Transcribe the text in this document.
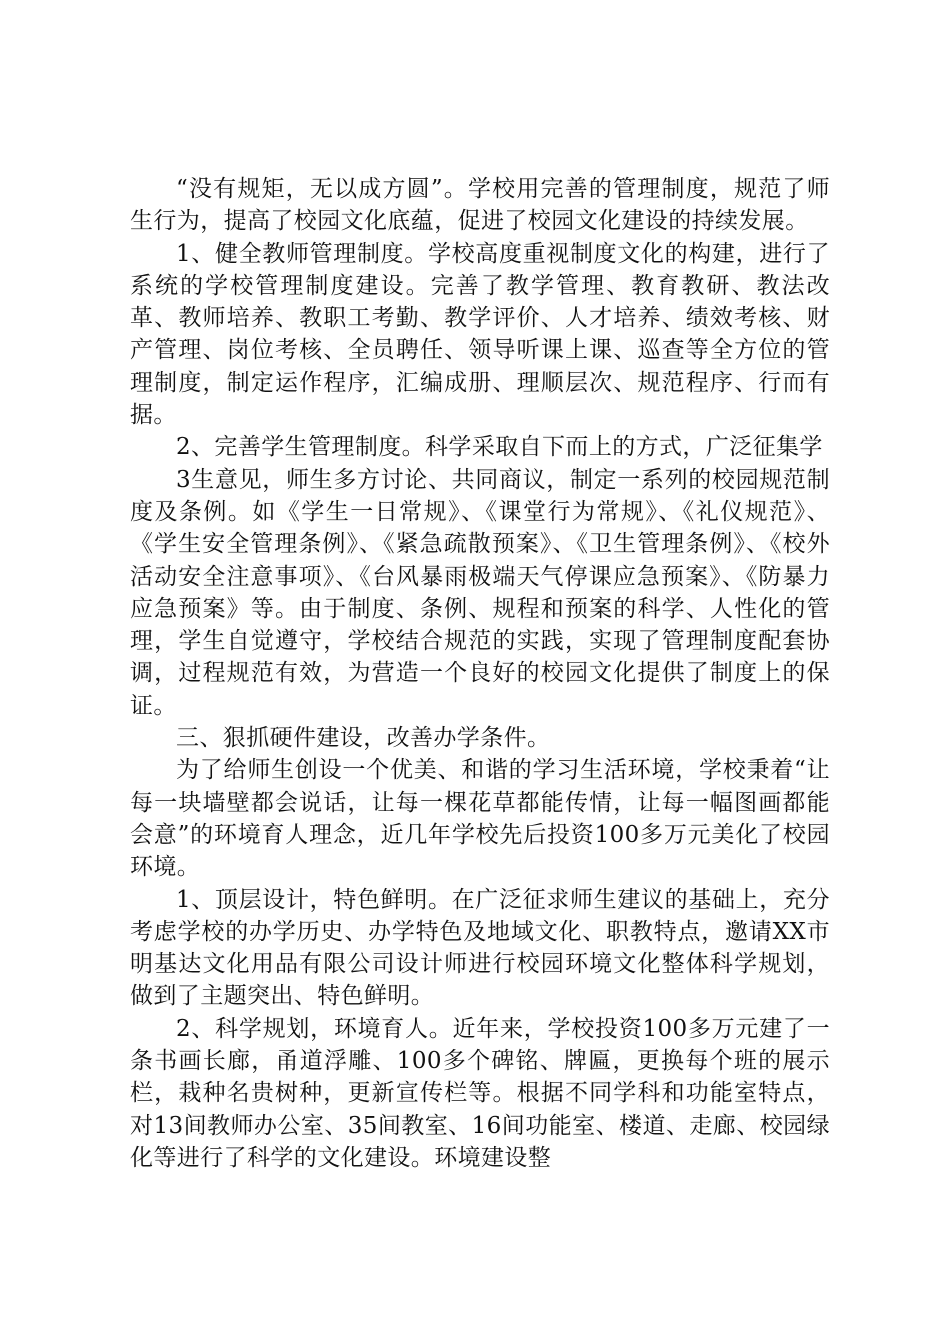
“没有规矩，无以成方圆”。学校用完善的管理制度，规范了师生行为，提高了校园文化底蕴，促进了校园文化建设的持续发展。

1、健全教师管理制度。学校高度重视制度文化的构建，进行了系统的学校管理制度建设。完善了教学管理、教育教研、教法改革、教师培养、教职工考勤、教学评价、人才培养、绩效考核、财产管理、岗位考核、全员聘任、领导听课上课、巡查等全方位的管理制度，制定运作程序，汇编成册、理顺层次、规范程序、行而有据。

2、完善学生管理制度。科学采取自下而上的方式，广泛征集学

3生意见，师生多方讨论、共同商议，制定一系列的校园规范制度及条例。如《学生一日常规》、《课堂行为常规》、《礼仪规范》、《学生安全管理条例》、《紧急疏散预案》、《卫生管理条例》、《校外活动安全注意事项》、《台风暴雨极端天气停课应急预案》、《防暴力应急预案》等。由于制度、条例、规程和预案的科学、人性化的管理，学生自觉遵守，学校结合规范的实践，实现了管理制度配套协调，过程规范有效，为营造一个良好的校园文化提供了制度上的保证。

三、狠抓硬件建设，改善办学条件。

为了给师生创设一个优美、和谐的学习生活环境，学校秉着“让每一块墙壁都会说话，让每一棵花草都能传情，让每一幅图画都能会意”的环境育人理念，近几年学校先后投资100多万元美化了校园环境。

1、顶层设计，特色鲜明。在广泛征求师生建议的基础上，充分考虑学校的办学历史、办学特色及地域文化、职教特点，邀请XX市明基达文化用品有限公司设计师进行校园环境文化整体科学规划，做到了主题突出、特色鲜明。

2、科学规划，环境育人。近年来，学校投资100多万元建了一条书画长廊，甬道浮雕、100多个碑铭、牌匾，更换每个班的展示栏，栽种名贵树种，更新宣传栏等。根据不同学科和功能室特点，对13间教师办公室、35间教室、16间功能室、楼道、走廊、校园绿化等进行了科学的文化建设。环境建设整
